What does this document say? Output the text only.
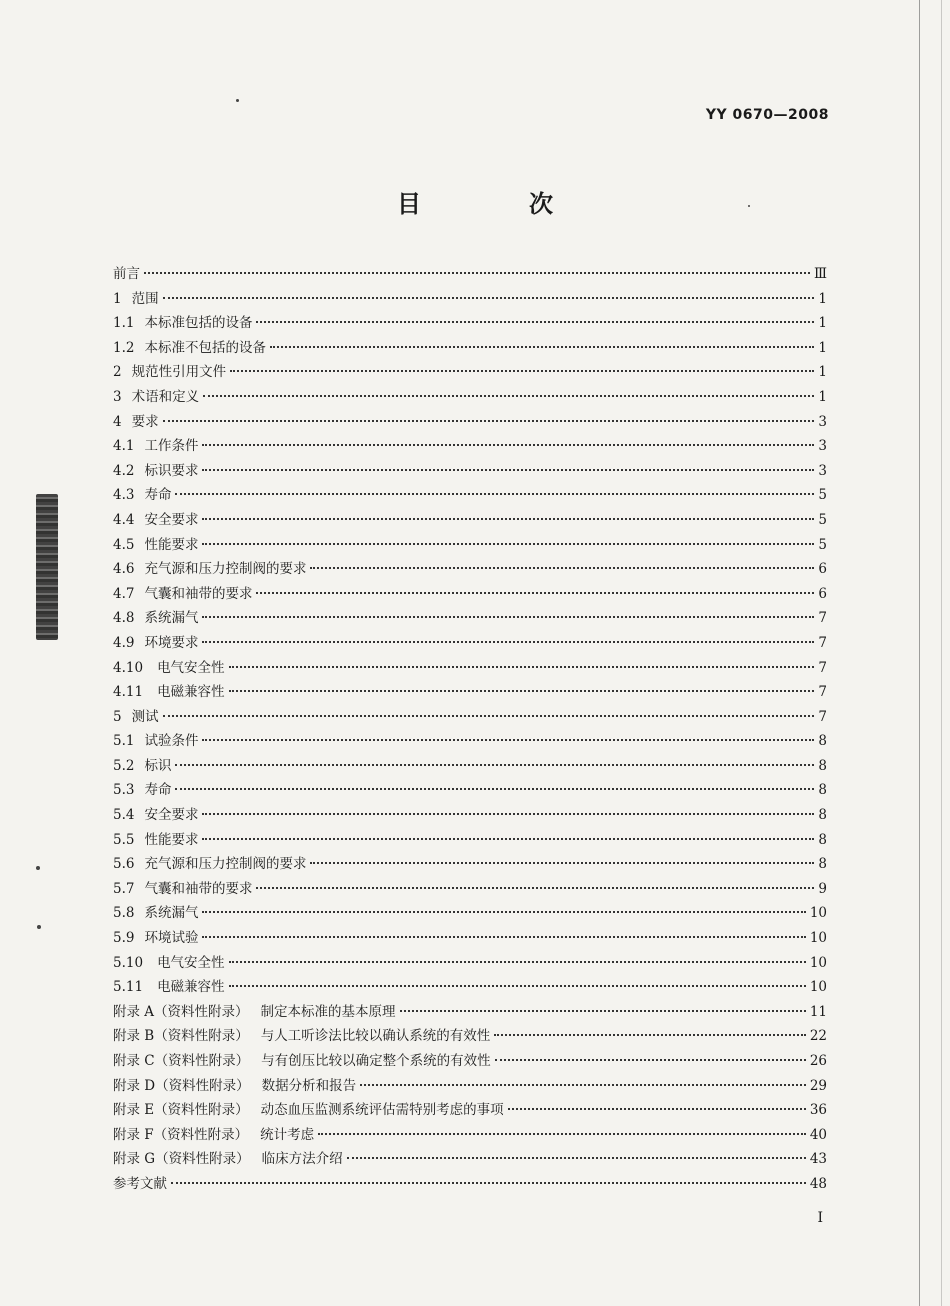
YY 0670—2008
目　次
前言	Ⅲ
1 范围	1
1.1 本标准包括的设备	1
1.2 本标准不包括的设备	1
2 规范性引用文件	1
3 术语和定义	1
4 要求	3
4.1 工作条件	3
4.2 标识要求	3
4.3 寿命	5
4.4 安全要求	5
4.5 性能要求	5
4.6 充气源和压力控制阀的要求	6
4.7 气囊和袖带的要求	6
4.8 系统漏气	7
4.9 环境要求	7
4.10 电气安全性	7
4.11 电磁兼容性	7
5 测试	7
5.1 试验条件	8
5.2 标识	8
5.3 寿命	8
5.4 安全要求	8
5.5 性能要求	8
5.6 充气源和压力控制阀的要求	8
5.7 气囊和袖带的要求	9
5.8 系统漏气	10
5.9 环境试验	10
5.10 电气安全性	10
5.11 电磁兼容性	10
附录 A（资料性附录） 制定本标准的基本原理	11
附录 B（资料性附录） 与人工听诊法比较以确认系统的有效性	22
附录 C（资料性附录） 与有创压比较以确定整个系统的有效性	26
附录 D（资料性附录） 数据分析和报告	29
附录 E（资料性附录） 动态血压监测系统评估需特别考虑的事项	36
附录 F（资料性附录） 统计考虑	40
附录 G（资料性附录） 临床方法介绍	43
参考文献	48
I
